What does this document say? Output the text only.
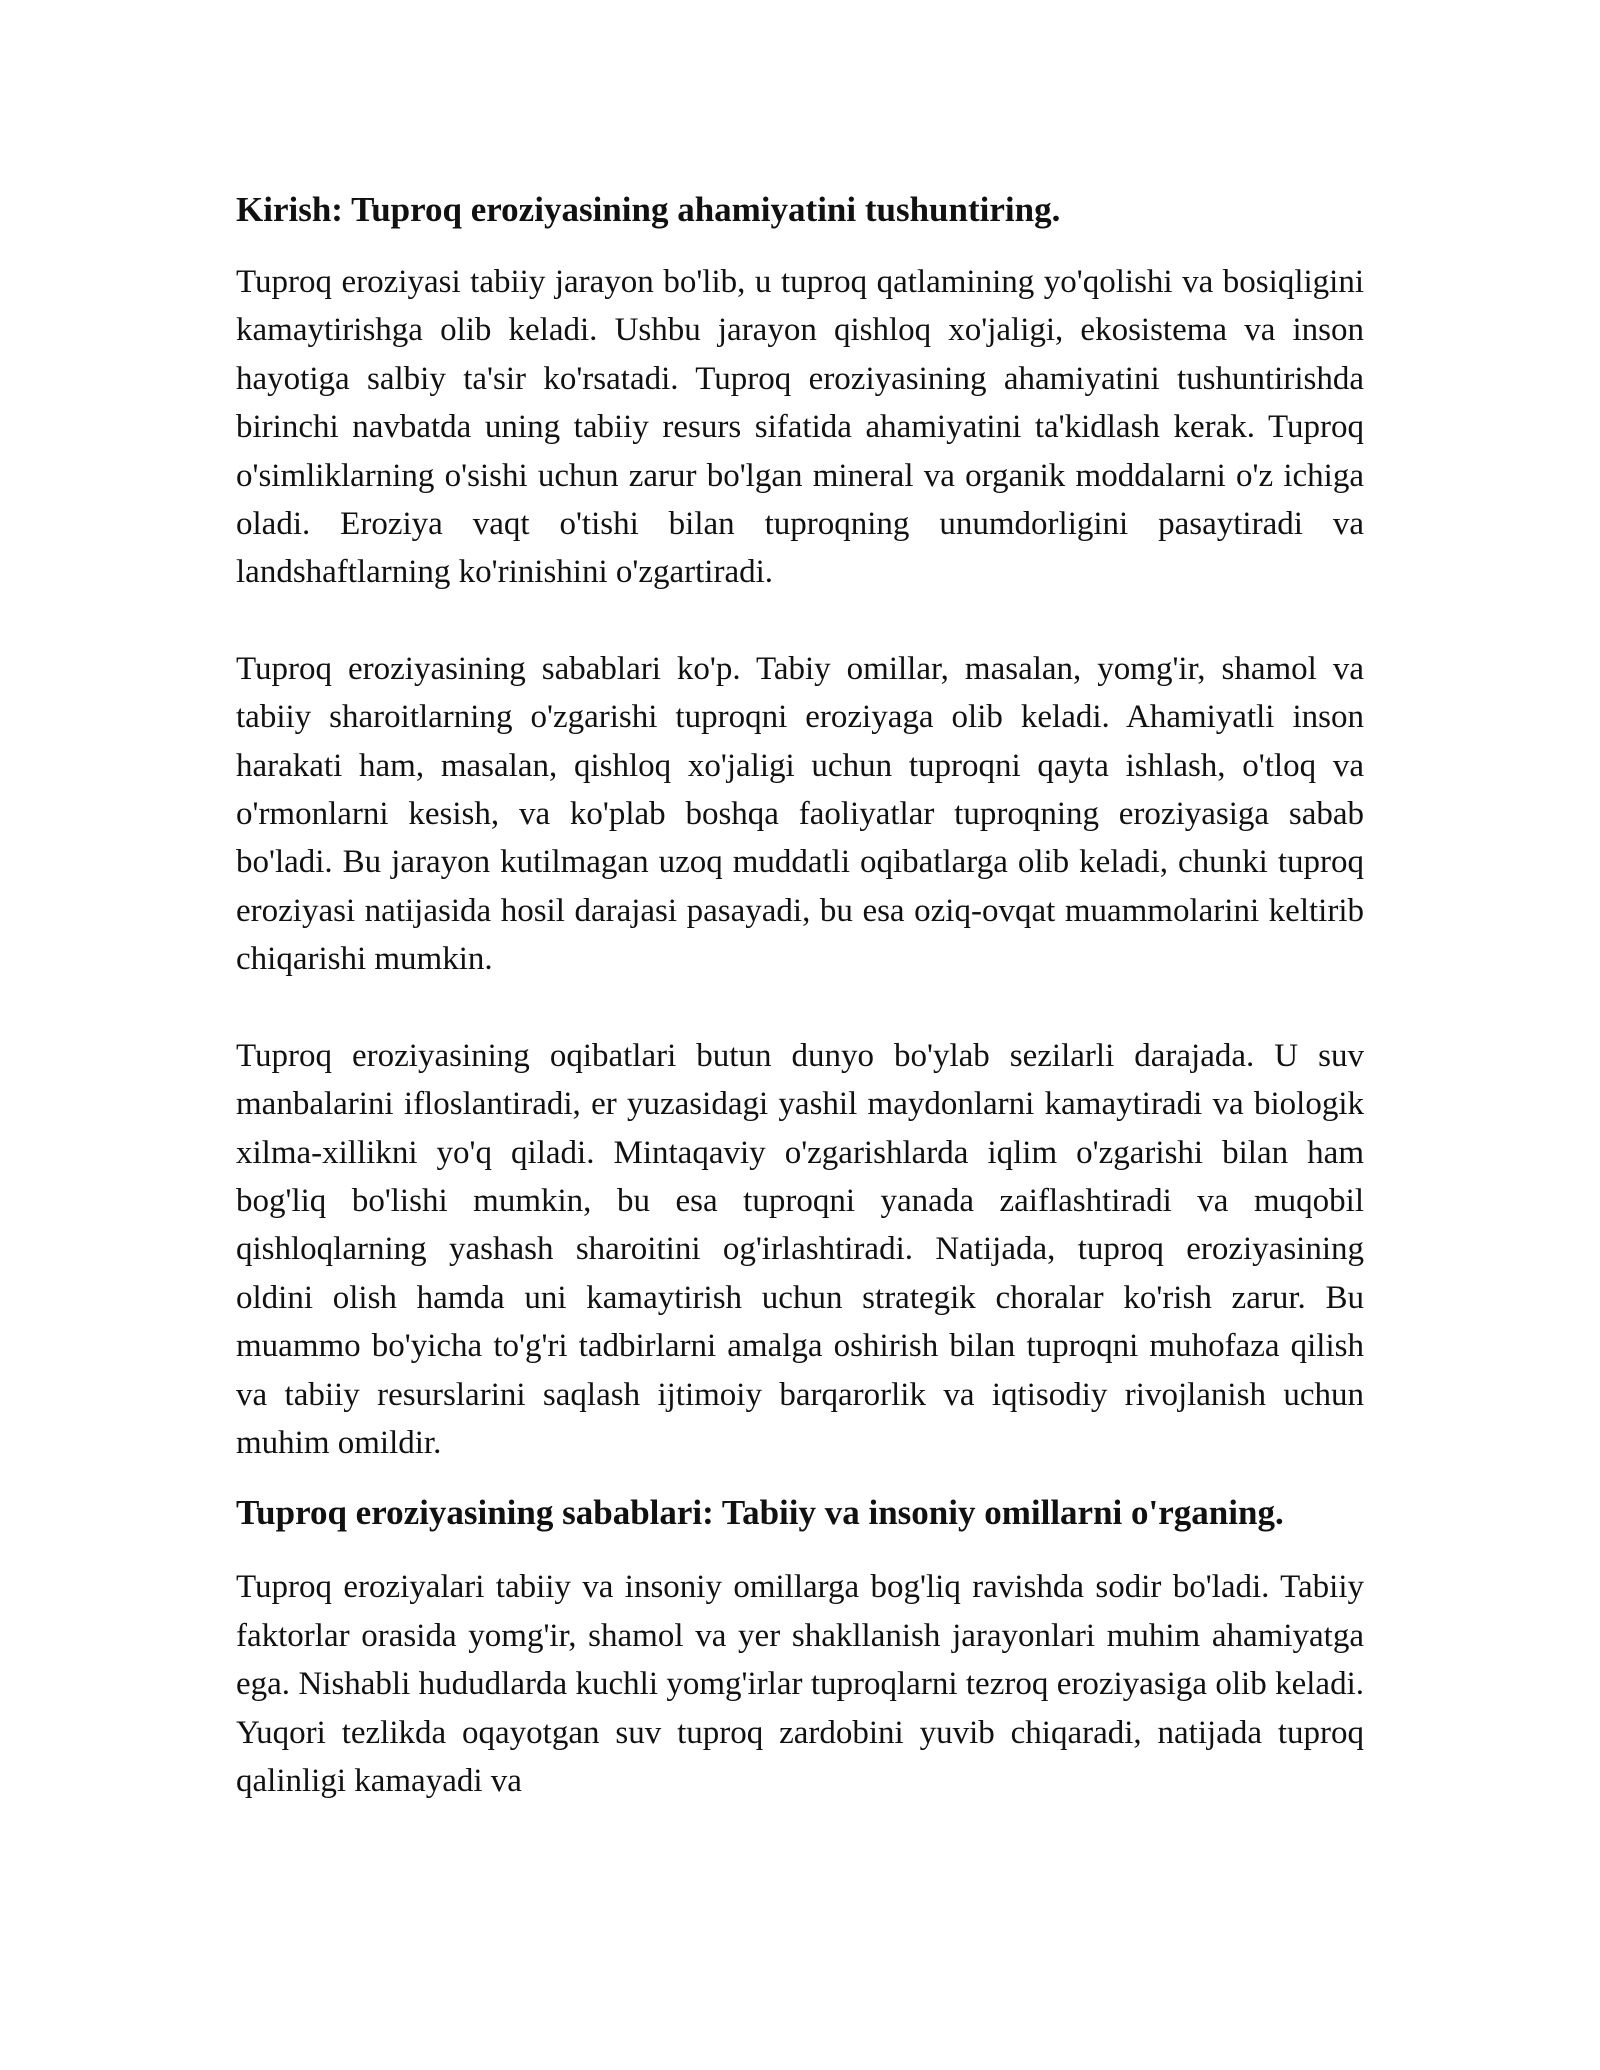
Kirish: Tuproq eroziyasining ahamiyatini tushuntiring.

Tuproq eroziyasi tabiiy jarayon bo'lib, u tuproq qatlamining yo'qolishi va bosiqligini kamaytirishga olib keladi. Ushbu jarayon qishloq xo'jaligi, ekosistema va inson hayotiga salbiy ta'sir ko'rsatadi. Tuproq eroziyasining ahamiyatini tushuntirishda birinchi navbatda uning tabiiy resurs sifatida ahamiyatini ta'kidlash kerak. Tuproq o'simliklarning o'sishi uchun zarur bo'lgan mineral va organik moddalarni o'z ichiga oladi. Eroziya vaqt o'tishi bilan tuproqning unumdorligini pasaytiradi va landshaftlarning ko'rinishini o'zgartiradi.

Tuproq eroziyasining sabablari ko'p. Tabiy omillar, masalan, yomg'ir, shamol va tabiiy sharoitlarning o'zgarishi tuproqni eroziyaga olib keladi. Ahamiyatli inson harakati ham, masalan, qishloq xo'jaligi uchun tuproqni qayta ishlash, o'tloq va o'rmonlarni kesish, va ko'plab boshqa faoliyatlar tuproqning eroziyasiga sabab bo'ladi. Bu jarayon kutilmagan uzoq muddatli oqibatlarga olib keladi, chunki tuproq eroziyasi natijasida hosil darajasi pasayadi, bu esa oziq-ovqat muammolarini keltirib chiqarishi mumkin.

Tuproq eroziyasining oqibatlari butun dunyo bo'ylab sezilarli darajada. U suv manbalarini ifloslantiradi, er yuzasidagi yashil maydonlarni kamaytiradi va biologik xilma-xillikni yo'q qiladi. Mintaqaviy o'zgarishlarda iqlim o'zgarishi bilan ham bog'liq bo'lishi mumkin, bu esa tuproqni yanada zaiflashtiradi va muqobil qishloqlarning yashash sharoitini og'irlashtiradi. Natijada, tuproq eroziyasining oldini olish hamda uni kamaytirish uchun strategik choralar ko'rish zarur. Bu muammo bo'yicha to'g'ri tadbirlarni amalga oshirish bilan tuproqni muhofaza qilish va tabiiy resurslarini saqlash ijtimoiy barqarorlik va iqtisodiy rivojlanish uchun muhim omildir.

Tuproq eroziyasining sabablari: Tabiiy va insoniy omillarni o'rganing.

Tuproq eroziyalari tabiiy va insoniy omillarga bog'liq ravishda sodir bo'ladi. Tabiiy faktorlar orasida yomg'ir, shamol va yer shakllanish jarayonlari muhim ahamiyatga ega. Nishabli hududlarda kuchli yomg'irlar tuproqlarni tezroq eroziyasiga olib keladi. Yuqori tezlikda oqayotgan suv tuproq zardobini yuvib chiqaradi, natijada tuproq qalinligi kamayadi va
